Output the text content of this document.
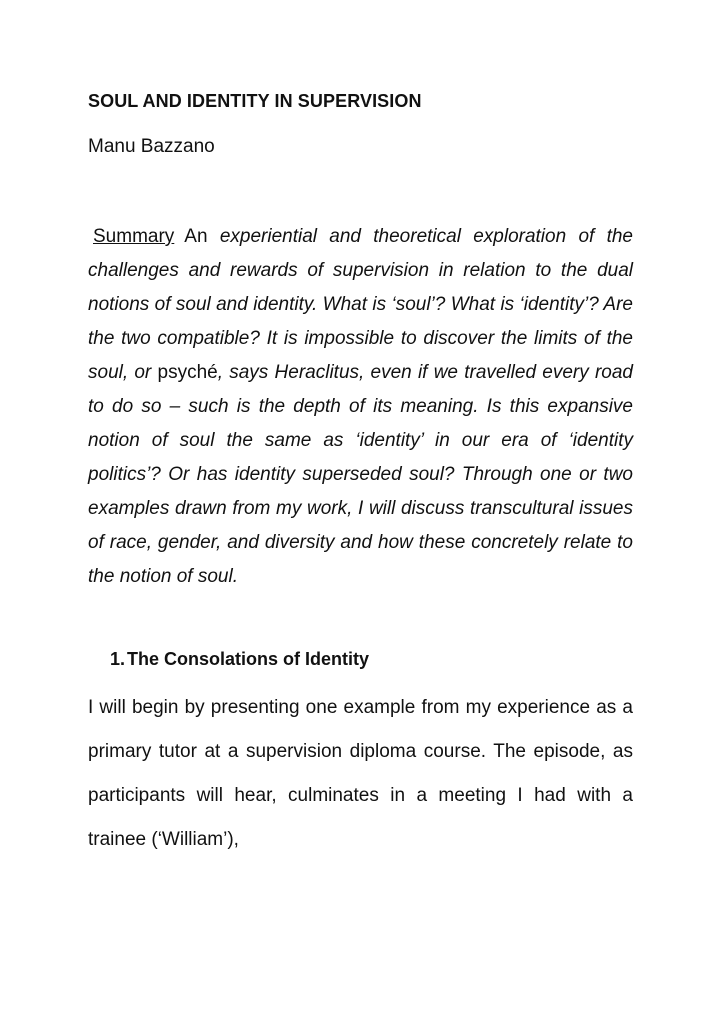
SOUL AND IDENTITY IN SUPERVISION
Manu Bazzano

Summary An experiential and theoretical exploration of the challenges and rewards of supervision in relation to the dual notions of soul and identity. What is ‘soul’? What is ‘identity’? Are the two compatible? It is impossible to discover the limits of the soul, or psyché, says Heraclitus, even if we travelled every road to do so – such is the depth of its meaning. Is this expansive notion of soul the same as ‘identity’ in our era of ‘identity politics’? Or has identity superseded soul? Through one or two examples drawn from my work, I will discuss transcultural issues of race, gender, and diversity and how these concretely relate to the notion of soul.

1. The Consolations of Identity

I will begin by presenting one example from my experience as a primary tutor at a supervision diploma course. The episode, as participants will hear, culminates in a meeting I had with a trainee (‘William’),
